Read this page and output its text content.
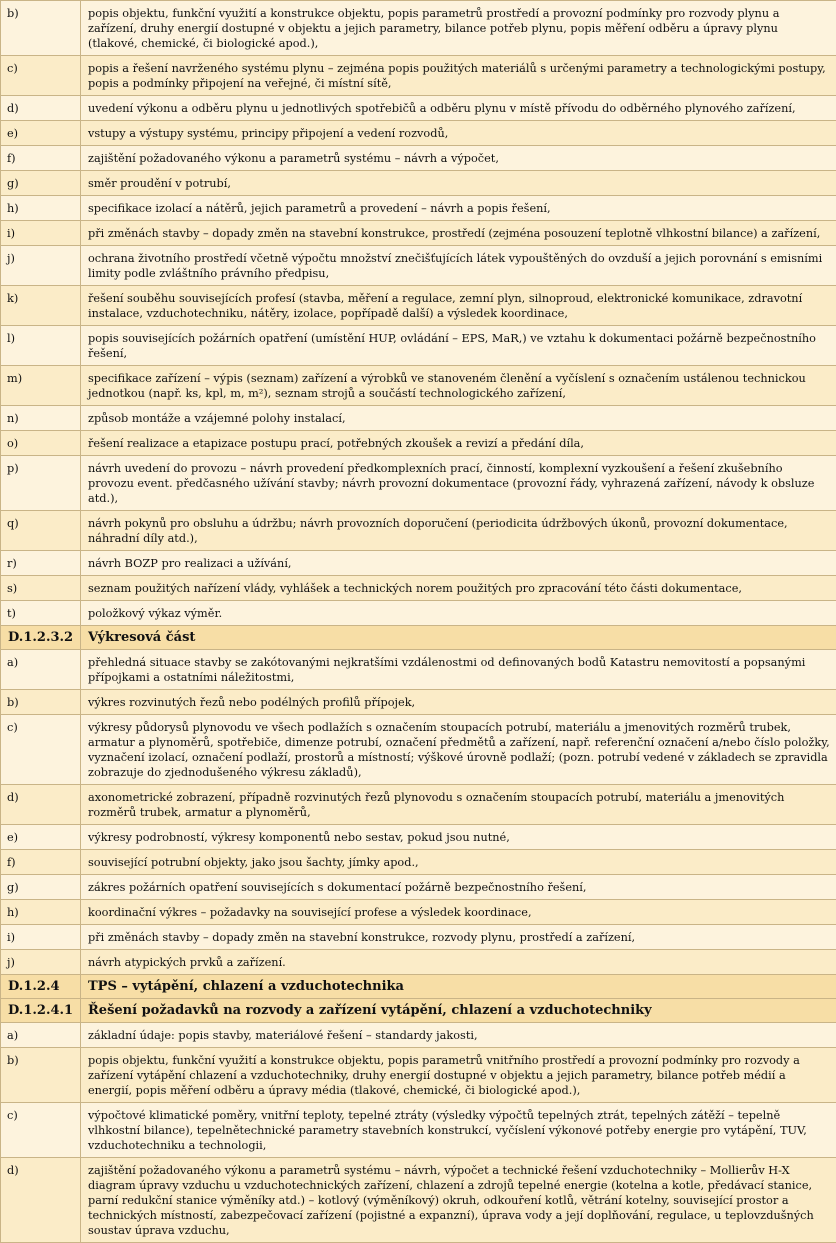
b)	popis objektu, funkční využití a konstrukce objektu, popis parametrů prostředí a provozní podmínky pro rozvody plynu a zařízení, druhy energií dostupné v objektu a jejich parametry, bilance potřeb plynu, popis měření odběru a úpravy plynu (tlakové, chemické, či biologické apod.),
c)	popis a řešení navrženého systému plynu – zejména popis použitých materiálů s určenými parametry a technologickými postupy, popis a podmínky připojení na veřejné, či místní sítě,
d)	uvedení výkonu a odběru plynu u jednotlivých spotřebičů a odběru plynu v místě přívodu do odběrného plynového zařízení,
e)	vstupy a výstupy systému, principy připojení a vedení rozvodů,
f)	zajištění požadovaného výkonu a parametrů systému – návrh a výpočet,
g)	směr proudění v potrubí,
h)	specifikace izolací a nátěrů, jejich parametrů a provedení – návrh a popis řešení,
i)	při změnách stavby – dopady změn na stavební konstrukce, prostředí (zejména posouzení teplotně vlhkostní bilance) a zařízení,
j)	ochrana životního prostředí včetně výpočtu množství znečišťujících látek vypouštěných do ovzduší a jejich porovnání s emisními limity podle zvláštního právního předpisu,
k)	řešení souběhu souvisejících profesí (stavba, měření a regulace, zemní plyn, silnoproud, elektronické komunikace, zdravotní instalace, vzduchotechniku, nátěry, izolace, popřípadě další) a výsledek koordinace,
l)	popis souvisejících požárních opatření (umístění HUP, ovládání – EPS, MaR,) ve vztahu k dokumentaci požárně bezpečnostního řešení,
m)	specifikace zařízení – výpis (seznam) zařízení a výrobků ve stanoveném členění a vyčíslení s označením ustálenou technickou jednotkou (např. ks, kpl, m, m²), seznam strojů a součástí technologického zařízení,
n)	způsob montáže a vzájemné polohy instalací,
o)	řešení realizace a etapizace postupu prací, potřebných zkoušek a revizí a předání díla,
p)	návrh uvedení do provozu – návrh provedení předkomplexních prací, činností, komplexní vyzkoušení a řešení zkušebního provozu event. předčasného užívání stavby; návrh provozní dokumentace (provozní řády, vyhrazená zařízení, návody k obsluze atd.),
q)	návrh pokynů pro obsluhu a údržbu; návrh provozních doporučení (periodicita údržbových úkonů, provozní dokumentace, náhradní díly atd.),
r)	návrh BOZP pro realizaci a užívání,
s)	seznam použitých nařízení vlády, vyhlášek a technických norem použitých pro zpracování této části dokumentace,
t)	položkový výkaz výměr.
D.1.2.3.2	Výkresová část
a)	přehledná situace stavby se zakótovanými nejkratšími vzdálenostmi od definovaných bodů Katastru nemovitostí a popsanými přípojkami a ostatními náležitostmi,
b)	výkres rozvinutých řezů nebo podélných profilů přípojek,
c)	výkresy půdorysů plynovodu ve všech podlažích s označením stoupacích potrubí, materiálu a jmenovitých rozměrů trubek, armatur a plynoměrů, spotřebiče, dimenze potrubí, označení předmětů a zařízení, např. referenční označení a/nebo číslo položky, vyznačení izolací, označení podlaží, prostorů a místností; výškové úrovně podlaží; (pozn. potrubí vedené v základech se zpravidla zobrazuje do zjednodušeného výkresu základů),
d)	axonometrické zobrazení, případně rozvinutých řezů plynovodu s označením stoupacích potrubí, materiálu a jmenovitých rozměrů trubek, armatur a plynoměrů,
e)	výkresy podrobností, výkresy komponentů nebo sestav, pokud jsou nutné,
f)	související potrubní objekty, jako jsou šachty, jímky apod.,
g)	zákres požárních opatření souvisejících s dokumentací požárně bezpečnostního řešení,
h)	koordinační výkres – požadavky na související profese a výsledek koordinace,
i)	při změnách stavby – dopady změn na stavební konstrukce, rozvody plynu, prostředí a zařízení,
j)	návrh atypických prvků a zařízení.
D.1.2.4	TPS – vytápění, chlazení a vzduchotechnika
D.1.2.4.1	Řešení požadavků na rozvody a zařízení vytápění, chlazení a vzduchotechniky
a)	základní údaje: popis stavby, materiálové řešení – standardy jakosti,
b)	popis objektu, funkční využití a konstrukce objektu, popis parametrů vnitřního prostředí a provozní podmínky pro rozvody a zařízení vytápění chlazení a vzduchotechniky, druhy energií dostupné v objektu a jejich parametry, bilance potřeb médií a energií, popis měření odběru a úpravy média (tlakové, chemické, či biologické apod.),
c)	výpočtové klimatické poměry, vnitřní teploty, tepelné ztráty (výsledky výpočtů tepelných ztrát, tepelných zátěží – tepelně vlhkostní bilance), tepelnětechnické parametry stavebních konstrukcí, vyčíslení výkonové potřeby energie pro vytápění, TUV, vzduchotechniku a technologii,
d)	zajištění požadovaného výkonu a parametrů systému – návrh, výpočet a technické řešení vzduchotechniky – Mollierův H-X diagram úpravy vzduchu u vzduchotechnických zařízení, chlazení a zdrojů tepelné energie (kotelna a kotle, předávací stanice, parní redukční stanice výměníky atd.) – kotlový (výměníkový) okruh, odkouření kotlů, větrání kotelny, související prostor a technických místností, zabezpečovací zařízení (pojistné a expanzní), úprava vody a její doplňování, regulace, u teplovzdušných soustav úprava vzduchu,
